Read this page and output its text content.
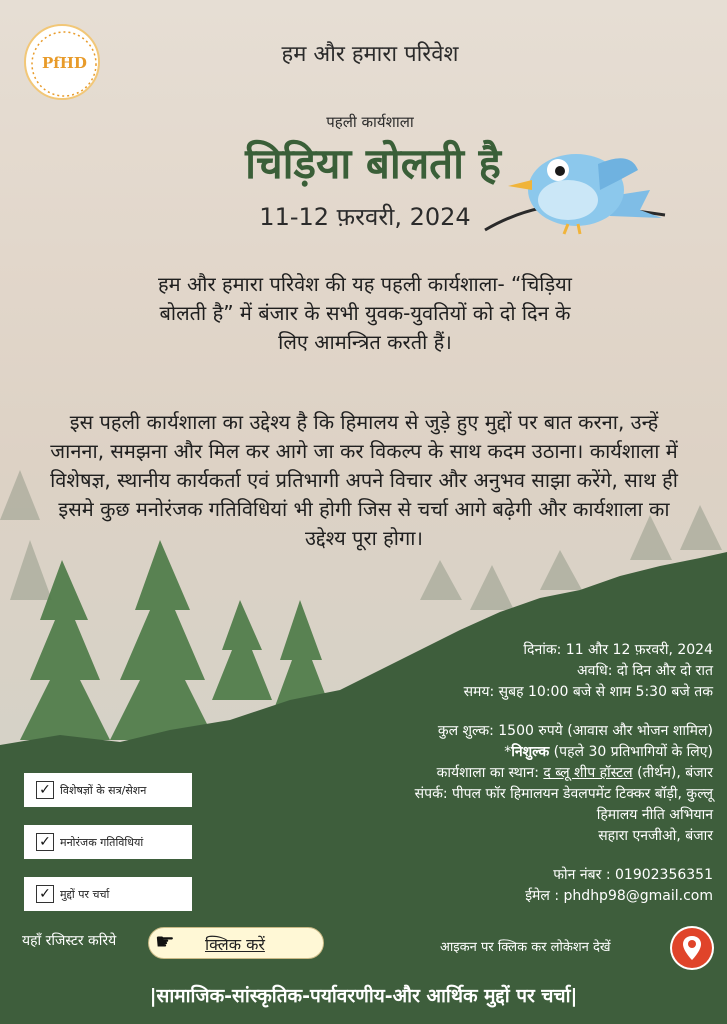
PfHD	हम और हमारा परिवेश
पहली कार्यशाला
चिड़िया बोलती है
11-12 फ़रवरी, 2024
हम और हमारा परिवेश की यह पहली कार्यशाला- “चिड़िया बोलती है” में बंजार के सभी युवक-युवतियों को दो दिन के लिए आमन्त्रित करती हैं।
इस पहली कार्यशाला का उद्देश्य है कि हिमालय से जुड़े हुए मुद्दों पर बात करना, उन्हें जानना, समझना और मिल कर आगे जा कर विकल्प के साथ कदम उठाना। कार्यशाला में विशेषज्ञ, स्थानीय कार्यकर्ता एवं प्रतिभागी अपने विचार और अनुभव साझा करेंगे, साथ ही इसमे कुछ मनोरंजक गतिविधियां भी होगी जिस से चर्चा आगे बढ़ेगी और कार्यशाला का उद्देश्य पूरा होगा।
दिनांक: 11 और 12 फ़रवरी, 2024
अवधि: दो दिन और दो रात
समय: सुबह 10:00 बजे से शाम 5:30 बजे तक
कुल शुल्क: 1500 रुपये (आवास और भोजन शामिल)
*निशुल्क (पहले 30 प्रतिभागियों के लिए)
कार्यशाला का स्थान: द ब्लू शीप हॉस्टल (तीर्थन), बंजार
संपर्क: पीपल फॉर हिमालयन डेवलपमेंट टिक्कर बॉड़ी, कुल्लू
हिमालय नीति अभियान
सहारा एनजीओ, बंजार
फोन नंबर : 01902356351
ईमेल : phdhp98@gmail.com
✓ विशेषज्ञों के सत्र/सेशन
✓ मनोरंजक गतिविधियां
✓ मुद्दों पर चर्चा
यहाँ रजिस्टर करिये ☛ क्लिक करें	आइकन पर क्लिक कर लोकेशन देखें
|सामाजिक-सांस्कृतिक-पर्यावरणीय-और आर्थिक मुद्दों पर चर्चा|
